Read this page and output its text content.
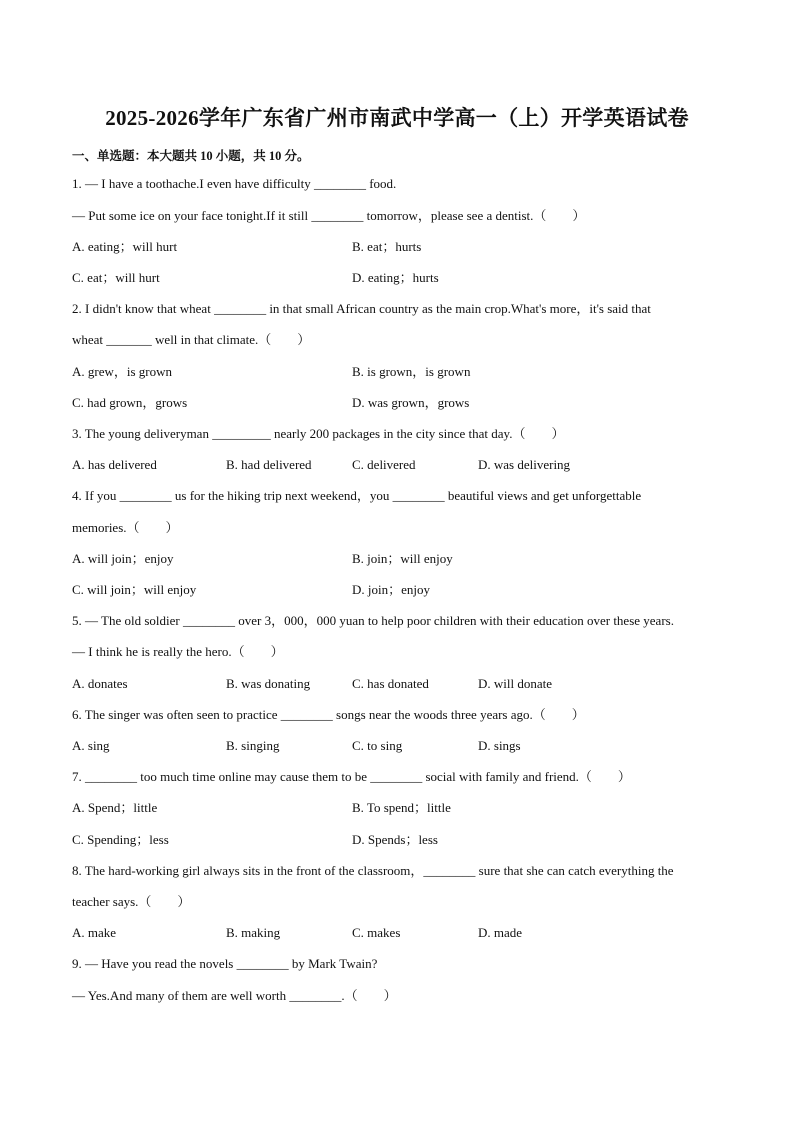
2025-2026学年广东省广州市南武中学高一（上）开学英语试卷
一、单选题：本大题共 10 小题，共 10 分。
1. — I have a toothache.I even have difficulty ________ food.
— Put some ice on your face tonight.If it still ________ tomorrow，please see a dentist.（　　）
A. eating；will hurt	B. eat；hurts
C. eat；will hurt	D. eating；hurts
2. I didn't know that wheat ________ in that small African country as the main crop.What's more，it's said that
wheat _______ well in that climate.（　　）
A. grew，is grown	B. is grown，is grown
C. had grown，grows	D. was grown，grows
3. The young deliveryman _________ nearly 200 packages in the city since that day.（　　）
A. has delivered	B. had delivered	C. delivered	D. was delivering
4. If you ________ us for the hiking trip next weekend，you ________ beautiful views and get unforgettable
memories.（　　）
A. will join；enjoy	B. join；will enjoy
C. will join；will enjoy	D. join；enjoy
5. — The old soldier ________ over 3，000，000 yuan to help poor children with their education over these years.
— I think he is really the hero.（　　）
A. donates	B. was donating	C. has donated	D. will donate
6. The singer was often seen to practice ________ songs near the woods three years ago.（　　）
A. sing	B. singing	C. to sing	D. sings
7. ________ too much time online may cause them to be ________ social with family and friend.（　　）
A. Spend；little	B. To spend；little
C. Spending；less	D. Spends；less
8. The hard-working girl always sits in the front of the classroom，________ sure that she can catch everything the
teacher says.（　　）
A. make	B. making	C. makes	D. made
9. — Have you read the novels ________ by Mark Twain?
— Yes.And many of them are well worth ________.（　　）
